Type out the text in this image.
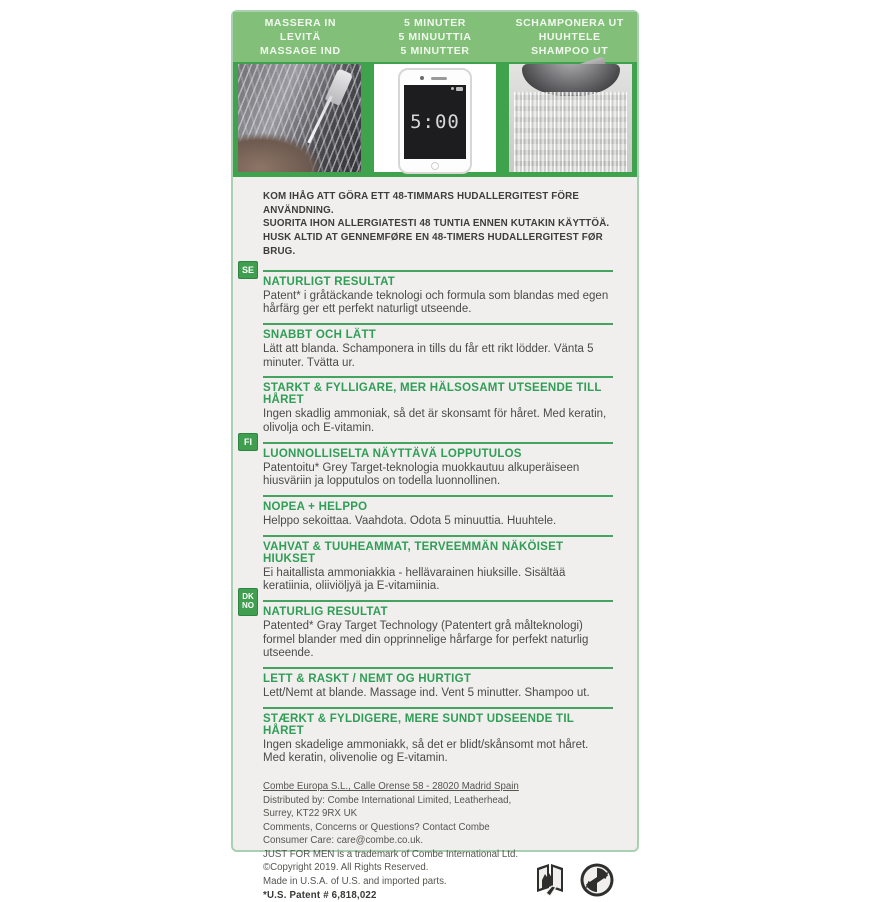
MASSERA IN
LEVITÄ
MASSAGE IND
5 MINUTER
5 MINUUTTIA
5 MINUTTER
SCHAMPONERA UT
HUUHTELE
SHAMPOO UT
5:00
KOM IHÅG ATT GÖRA ETT 48-TIMMARS HUDALLERGITEST FÖRE ANVÄNDNING.
SUORITA IHON ALLERGIATESTI 48 TUNTIA ENNEN KUTAKIN KÄYTTÖÄ.
HUSK ALTID AT GENNEMFØRE EN 48-TIMERS HUDALLERGITEST FØR BRUG.
SE
NATURLIGT RESULTAT

Patent* i gråtäckande teknologi och formula som blandas med egen hårfärg ger ett perfekt naturligt utseende.

SNABBT OCH LÄTT

Lätt att blanda. Schamponera in tills du får ett rikt lödder. Vänta 5 minuter. Tvätta ur.

STARKT & FYLLIGARE, MER HÄLSOSAMT UTSEENDE TILL HÅRET

Ingen skadlig ammoniak, så det är skonsamt för håret. Med keratin, olivolja och E-vitamin.

FI
LUONNOLLISELTA NÄYTTÄVÄ LOPPUTULOS

Patentoitu* Grey Target-teknologia muokkautuu alkuperäiseen hiusväriin ja lopputulos on todella luonnollinen.

NOPEA + HELPPO

Helppo sekoittaa. Vaahdota. Odota 5 minuuttia. Huuhtele.

VAHVAT & TUUHEAMMAT, TERVEEMMÄN NÄKÖISET HIUKSET

Ei haitallista ammoniakkia - hellävarainen hiuksille. Sisältää keratiinia, oliiviöljyä ja E-vitamiinia.

DK
NO NATURLIG RESULTAT

Patented* Gray Target Technology (Patentert grå målteknologi) formel blander med din opprinnelige hårfarge for perfekt naturlig utseende.

LETT & RASKT / NEMT OG HURTIGT

Lett/Nemt at blande. Massage ind. Vent 5 minutter. Shampoo ut.

STÆRKT & FYLDIGERE, MERE SUNDT UDSEENDE TIL HÅRET

Ingen skadelige ammoniakk, så det er blidt/skånsomt mot håret. Med keratin, olivenolie og E-vitamin.

Combe Europa S.L., Calle Orense 58 - 28020 Madrid Spain
Distributed by: Combe International Limited, Leatherhead, Surrey, KT22 9RX UK
Comments, Concerns or Questions? Contact Combe Consumer Care: care@combe.co.uk.
JUST FOR MEN is a trademark of Combe International Ltd.
©Copyright 2019. All Rights Reserved.
Made in U.S.A. of U.S. and imported parts.
*U.S. Patent # 6,818,022
